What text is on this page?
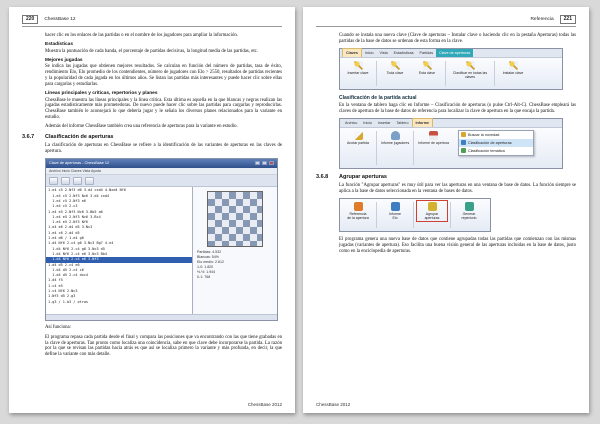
220	ChessBase 12

hacer clic en los enlaces de las partidas o en el nombre de los jugadores para ampliar la información.

Estadísticas

Muestra la puntuación de cada banda, el porcentaje de partidas decisivas, la longitud media de las partidas, etc.

Mejores jugadas

Se indica las jugadas que obtienen mejores resultados. Se calculan en función del número de partidas, tasa de éxito, rendimiento Elo, Elo promedio de los contendientes, número de jugadores con Elo > 2550, resultados de partidas recientes y la popularidad de cada jugada en los últimos años. Se listan las partidas más interesantes y puede hacer clic sobre ellas para cargarlas y estudiarlas.

Líneas principales y críticas, repertorios y planes

ChessBase le muestra las líneas principales y la línea crítica. Esta última es aquella en la que blancas y negras realizan las jugadas estadísticamente más prometedoras. De nuevo puede hacer clic sobre las partidas para cargarlas y reproducirlas. ChessBase también le aconsejará lo que debería jugar y le señala los diversos planes relacionados para la variante en estudio.

Además del informe ChessBase también crea una referencia de aperturas para la variante en estudio.

3.6.7 Clasificación de aperturas

La clasificación de aperturas en ChessBase se refiere a la identificación de las variantes de aperturas en las claves de apertura.

Clave de aperturas - ChessBase 12

Archivo Inicio Claves Vista Ayuda
1.e4 c5 2.Nf3 d6 3.d4 cxd4 4.Nxd4 Nf6
1.e4 c5 2.Nf3 Nc6 3.d4 cxd4
1.e4 c5 2.Nf3 e6
1.e4 c5 2.c3
1.e4 e5 2.Nf3 Nc6 3.Bb5 a6
1.e4 e5 2.Nf3 Nc6 3.Bc4
1.e4 e5 2.Nf3 Nf6
1.e4 e6 2.d4 d5 3.Nc3
1.e4 c6 2.d4 d5
1.e4 d6 / 1.e4 g6
1.d4 Nf6 2.c4 g6 3.Nc3 Bg7 4.e4
1.d4 Nf6 2.c4 g6 3.Nc3 d5
1.d4 Nf6 2.c4 e6 3.Nc3 Bb4
1.d4 Nf6 2.c4 e6 3.Nf3
1.d4 d5 2.c4 e6
1.d4 d5 2.c4 c6
1.d4 d5 2.c4 dxc4
1.d4 f5
1.c4 e5
1.c4 Nf6 2.Nc3
1.Nf3 d5 2.g3
1.g3 / 1.b3 / otras
Partidas: 4.532
Blancas: 54%
Elo medio: 2.612
1-0: 1.820
½-½: 1.944
0-1: 768

Así funciona:

El programa repasa cada partida desde el final y compara las posiciones que va encontrando con las que tiene grabadas en la clave de aperturas. Tan pronto como localiza una coincidencia, sabe en que clave debe incorporarse la partida. La razón por la que se revisan las partidas hacia atrás es que así se localiza primero la variante y más profunda, en decir, la que define la variante con más detalle.

ChessBase 2012
Referencia	221

Cuando se instala una nueva clave (Clave de aperturas – Instalar clave o haciendo clic en la pestaña Aperturas) todas las partidas de la base de datos se ordenan de esta forma en la clave.

Claves	Inicio	Vista	Estadísticas	Partidas	Clave de aperturas
Insertar clave	Toda clave	Esta clave	Clasificar en todas las claves
Instalar clave
Clasificación de la partida actual

En la ventana de tablero haga clic en Informe – Clasificación de aperturas (o pulse Ctrl-Alt-C). ChessBase empleará las claves de apertura de la base de datos de referencia para localizar la clave de apertura en la que encaja la partida.

Archivo	Inicio	Insertar	Tablero	Informe
Anotar partida	Informe jugadores	Informe de apertura
Buscar la novedad
Clasificación de aperturas
Clasificación temática
3.6.8 Agrupar aperturas

La función "Agrupar aperturas" es muy útil para ver las aperturas en una ventana de base de datos. La función siempre se aplica a la base de datos seleccionada en la ventana de bases de datos.

Referencia
de la apertura
Informe
Elo
Agrupar
aperturas
Generar
repertorio

El programa genera una nueva base de datos que contiene agrupadas todas las partidas que comienzan con las mismas jugadas (variantes de apertura). Eso facilita una buena visión general de las aperturas incluidas en la base de datos, justo como en la enciclopedia de aperturas.

ChessBase 2012
